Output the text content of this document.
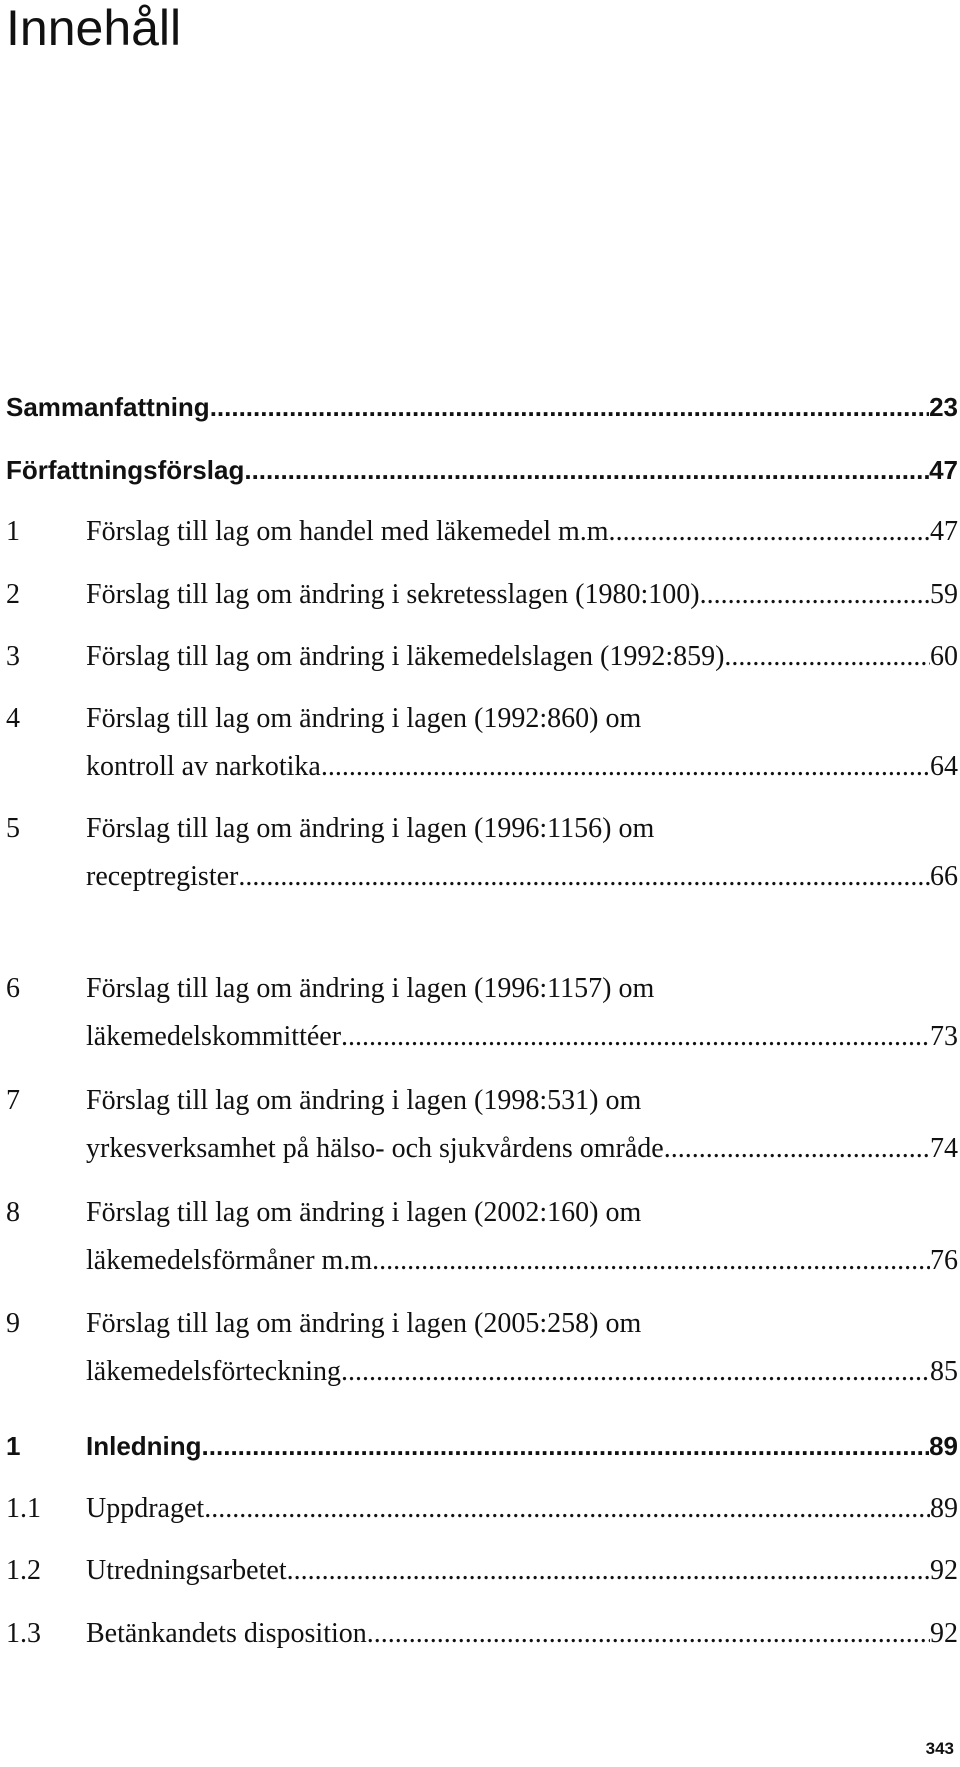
Innehåll
Sammanfattning .....	23
Författningsförslag .....	47
1	Förslag till lag om handel med läkemedel m.m. .....	47
2	Förslag till lag om ändring i sekretesslagen (1980:100) .....	59
3	Förslag till lag om ändring i läkemedelslagen (1992:859) .....	60
4	Förslag till lag om ändring i lagen (1992:860) om
kontroll av narkotika .....	64
5	Förslag till lag om ändring i lagen (1996:1156) om
receptregister .....	66
6	Förslag till lag om ändring i lagen (1996:1157) om
läkemedelskommittéer .....	73
7	Förslag till lag om ändring i lagen (1998:531) om
yrkesverksamhet på hälso- och sjukvårdens område .....	74
8	Förslag till lag om ändring i lagen (2002:160) om
läkemedelsförmåner m.m. .....	76
9	Förslag till lag om ändring i lagen (2005:258) om
läkemedelsförteckning .....	85
1	Inledning .....	89
1.1	Uppdraget .....	89
1.2	Utredningsarbetet .....	92
1.3	Betänkandets disposition .....	92

343
